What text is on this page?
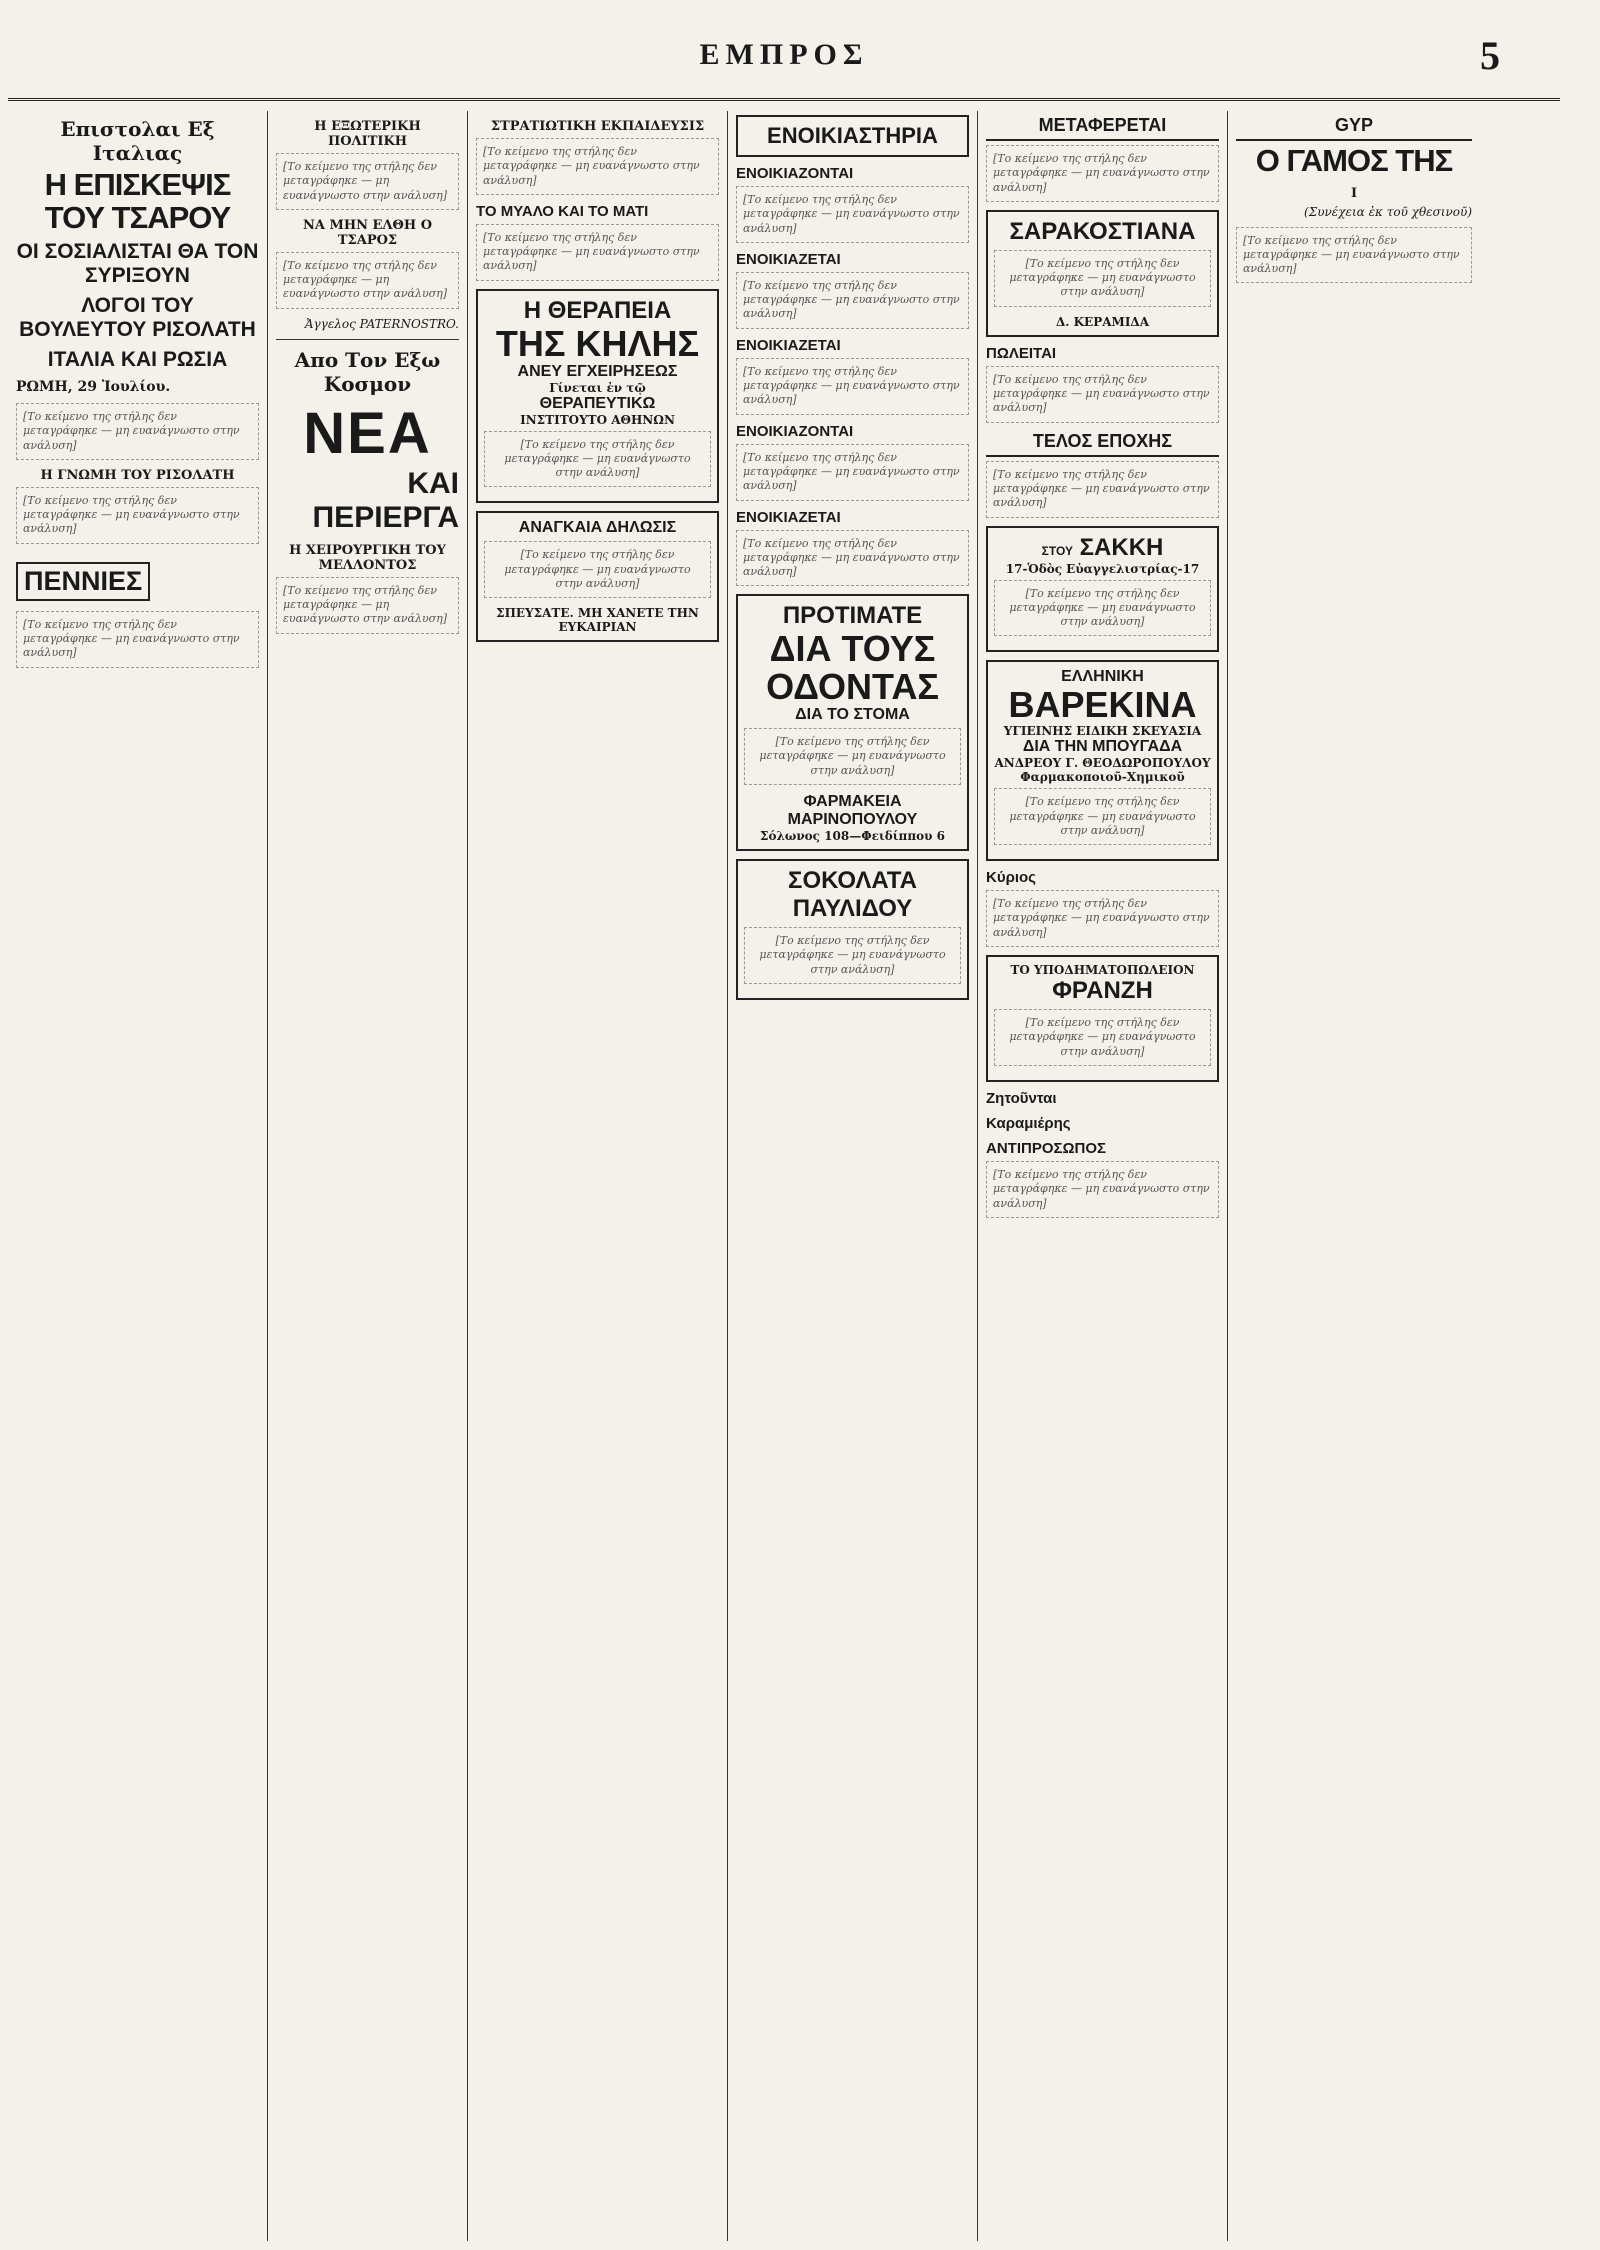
ΕΜΠΡΟΣ	5
Επιστολαι Εξ Ιταλιας
Η ΕΠΙΣΚΕΨΙΣ ΤΟΥ ΤΣΑΡΟΥ
ΟΙ ΣΟΣΙΑΛΙΣΤΑΙ ΘΑ ΤΟΝ ΣΥΡΙΞΟΥΝ
ΛΟΓΟΙ ΤΟΥ ΒΟΥΛΕΥΤΟΥ ΡΙΣΟΛΑΤΗ
ΙΤΑΛΙΑ ΚΑΙ ΡΩΣΙΑ
ΡΩΜΗ, 29 Ἰουλίου.
[Το κείμενο της στήλης δεν μεταγράφηκε — μη ευανάγνωστο στην ανάλυση]
Η ΓΝΩΜΗ ΤΟΥ ΡΙΣΟΛΑΤΗ
[Το κείμενο της στήλης δεν μεταγράφηκε — μη ευανάγνωστο στην ανάλυση]
ΠΕΝΝΙΕΣ
[Το κείμενο της στήλης δεν μεταγράφηκε — μη ευανάγνωστο στην ανάλυση]
Η ΕΞΩΤΕΡΙΚΗ ΠΟΛΙΤΙΚΗ
[Το κείμενο της στήλης δεν μεταγράφηκε — μη ευανάγνωστο στην ανάλυση]
ΝΑ ΜΗΝ ΕΛΘΗ Ο ΤΣΑΡΟΣ
[Το κείμενο της στήλης δεν μεταγράφηκε — μη ευανάγνωστο στην ανάλυση]
Ἀγγελος PATERNOSTRO.
Απο Τον Εξω Κοσμον
ΝΕΑ
ΚΑΙ ΠΕΡΙΕΡΓΑ
Η ΧΕΙΡΟΥΡΓΙΚΗ ΤΟΥ ΜΕΛΛΟΝΤΟΣ
[Το κείμενο της στήλης δεν μεταγράφηκε — μη ευανάγνωστο στην ανάλυση]
ΣΤΡΑΤΙΩΤΙΚΗ ΕΚΠΑΙΔΕΥΣΙΣ
[Το κείμενο της στήλης δεν μεταγράφηκε — μη ευανάγνωστο στην ανάλυση]
ΤΟ ΜΥΑΛΟ ΚΑΙ ΤΟ ΜΑΤΙ
[Το κείμενο της στήλης δεν μεταγράφηκε — μη ευανάγνωστο στην ανάλυση]
Η ΘΕΡΑΠΕΙΑ
ΤΗΣ ΚΗΛΗΣ
ΑΝΕΥ ΕΓΧΕΙΡΗΣΕΩΣ
Γίνεται ἐν τῷ
ΘΕΡΑΠΕΥΤΙΚΩ
ΙΝΣΤΙΤΟΥΤΟ ΑΘΗΝΩΝ
[Το κείμενο της στήλης δεν μεταγράφηκε — μη ευανάγνωστο στην ανάλυση]
ΑΝΑΓΚΑΙΑ ΔΗΛΩΣΙΣ
[Το κείμενο της στήλης δεν μεταγράφηκε — μη ευανάγνωστο στην ανάλυση]
ΣΠΕΥΣΑΤΕ. ΜΗ ΧΑΝΕΤΕ ΤΗΝ ΕΥΚΑΙΡΙΑΝ
ΕΝΟΙΚΙΑΣΤΗΡΙΑ
ΕΝΟΙΚΙΑΖΟΝΤΑΙ
[Το κείμενο της στήλης δεν μεταγράφηκε — μη ευανάγνωστο στην ανάλυση]
ΕΝΟΙΚΙΑΖΕΤΑΙ
[Το κείμενο της στήλης δεν μεταγράφηκε — μη ευανάγνωστο στην ανάλυση]
ΕΝΟΙΚΙΑΖΕΤΑΙ
[Το κείμενο της στήλης δεν μεταγράφηκε — μη ευανάγνωστο στην ανάλυση]
ΕΝΟΙΚΙΑΖΟΝΤΑΙ
[Το κείμενο της στήλης δεν μεταγράφηκε — μη ευανάγνωστο στην ανάλυση]
ΕΝΟΙΚΙΑΖΕΤΑΙ
[Το κείμενο της στήλης δεν μεταγράφηκε — μη ευανάγνωστο στην ανάλυση]
ΠΡΟΤΙΜΑΤΕ
ΔΙΑ ΤΟΥΣ ΟΔΟΝΤΑΣ
ΔΙΑ ΤΟ ΣΤΟΜΑ
[Το κείμενο της στήλης δεν μεταγράφηκε — μη ευανάγνωστο στην ανάλυση]
ΦΑΡΜΑΚΕΙΑ ΜΑΡΙΝΟΠΟΥΛΟΥ
Σόλωνος 108—Φειδίππου 6
ΣΟΚΟΛΑΤΑ ΠΑΥΛΙΔΟΥ
[Το κείμενο της στήλης δεν μεταγράφηκε — μη ευανάγνωστο στην ανάλυση]
ΜΕΤΑΦΕΡΕΤΑΙ
[Το κείμενο της στήλης δεν μεταγράφηκε — μη ευανάγνωστο στην ανάλυση]
ΣΑΡΑΚΟΣΤΙΑΝΑ
[Το κείμενο της στήλης δεν μεταγράφηκε — μη ευανάγνωστο στην ανάλυση]
Δ. ΚΕΡΑΜΙΔΑ
ΠΩΛΕΙΤΑΙ
[Το κείμενο της στήλης δεν μεταγράφηκε — μη ευανάγνωστο στην ανάλυση]
ΤΕΛΟΣ ΕΠΟΧΗΣ
[Το κείμενο της στήλης δεν μεταγράφηκε — μη ευανάγνωστο στην ανάλυση]
ΣΤΟΥ ΣΑΚΚΗ
17-Ὁδὸς Εὐαγγελιστρίας-17
[Το κείμενο της στήλης δεν μεταγράφηκε — μη ευανάγνωστο στην ανάλυση]
ΕΛΛΗΝΙΚΗ
ΒΑΡΕΚΙΝΑ
ΥΓΙΕΙΝΗΣ ΕΙΔΙΚΗ ΣΚΕΥΑΣΙΑ
ΔΙΑ ΤΗΝ ΜΠΟΥΓΑΔΑ
ΑΝΔΡΕΟΥ Γ. ΘΕΟΔΩΡΟΠΟΥΛΟΥ
Φαρμακοποιοῦ-Χημικοῦ
[Το κείμενο της στήλης δεν μεταγράφηκε — μη ευανάγνωστο στην ανάλυση]
Κύριος
[Το κείμενο της στήλης δεν μεταγράφηκε — μη ευανάγνωστο στην ανάλυση]
ΤΟ ΥΠΟΔΗΜΑΤΟΠΩΛΕΙΟΝ
ΦΡΑΝΖΗ
[Το κείμενο της στήλης δεν μεταγράφηκε — μη ευανάγνωστο στην ανάλυση]
Ζητοῦνται
Καραμιέρης
ΑΝΤΙΠΡΟΣΩΠΟΣ
[Το κείμενο της στήλης δεν μεταγράφηκε — μη ευανάγνωστο στην ανάλυση]
GYP
Ο ΓΑΜΟΣ ΤΗΣ
Ι
(Συνέχεια ἐκ τοῦ χθεσινοῦ)
[Το κείμενο της στήλης δεν μεταγράφηκε — μη ευανάγνωστο στην ανάλυση]
